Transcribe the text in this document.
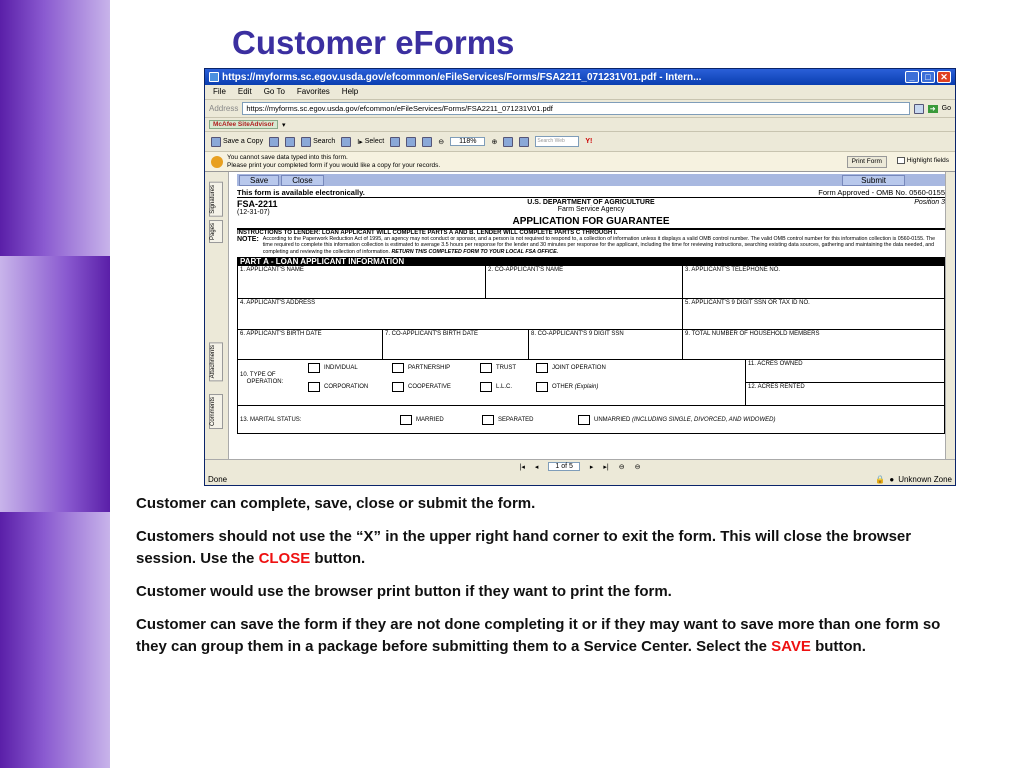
Customer eForms
https://myforms.sc.egov.usda.gov/efcommon/eFileServices/Forms/FSA2211_071231V01.pdf - Intern...	_	□	✕
File Edit Go To Favorites Help
Address	https://myforms.sc.egov.usda.gov/efcommon/eFileServices/Forms/FSA2211_071231V01.pdf	➜ Go
McAfee SiteAdvisor	▾
Save a Copy	Search	I▸ Select	⊖	118%	⊕	Search Web	Y!
You cannot save data typed into this form.
Please print your completed form if you would like a copy for your records.
Print Form	Highlight fields
Signatures
Pages
Attachments
Comments
Save	Close	Submit
This form is available electronically.	Form Approved - OMB No. 0560-0155
FSA-2211
(12-31-07)
U.S. DEPARTMENT OF AGRICULTURE
Farm Service Agency
APPLICATION FOR GUARANTEE
Position 3
INSTRUCTIONS TO LENDER: LOAN APPLICANT WILL COMPLETE PARTS A AND B. LENDER WILL COMPLETE PARTS C THROUGH I.
NOTE: According to the Paperwork Reduction Act of 1995, an agency may not conduct or sponsor, and a person is not required to respond to, a collection of information unless it displays a valid OMB control number. The valid OMB control number for this information collection is 0560-0155. The time required to complete this information collection is estimated to average 3.5 hours per response for the lender and 30 minutes per response for the applicant, including the time for reviewing instructions, searching existing data sources, gathering and maintaining the data needed, and completing and reviewing the collection of information. RETURN THIS COMPLETED FORM TO YOUR LOCAL FSA OFFICE.
PART A - LOAN APPLICANT INFORMATION
1. APPLICANT'S NAME	2. CO-APPLICANT'S NAME	3. APPLICANT'S TELEPHONE NO.
4. APPLICANT'S ADDRESS	5. APPLICANT'S 9 DIGIT SSN OR TAX ID NO.
6. APPLICANT'S BIRTH DATE	7. CO-APPLICANT'S BIRTH DATE	8. CO-APPLICANT'S 9 DIGIT SSN	9. TOTAL NUMBER OF HOUSEHOLD MEMBERS
10. TYPE OF
OPERATION:
INDIVIDUAL	PARTNERSHIP	TRUST	JOINT OPERATION
CORPORATION	COOPERATIVE	L.L.C.	OTHER
(Explain)
11. ACRES OWNED
12. ACRES RENTED
13. MARITAL STATUS:	MARRIED	SEPARATED	UNMARRIED
(INCLUDING SINGLE, DIVORCED, AND WIDOWED)
|◂ ◂	1 of 5	▸ ▸| ⊖ ⊖
Done	🔒 ● Unknown Zone

Customer can complete, save, close or submit the form.

Customers should not use the “X” in the upper right hand corner to exit the form. This will close the browser session. Use the CLOSE button.

Customer would use the browser print button if they want to print the form.

Customer can save the form if they are not done completing it or if they may want to save more than one form so they can group them in a package before submitting them to a Service Center. Select the SAVE button.
